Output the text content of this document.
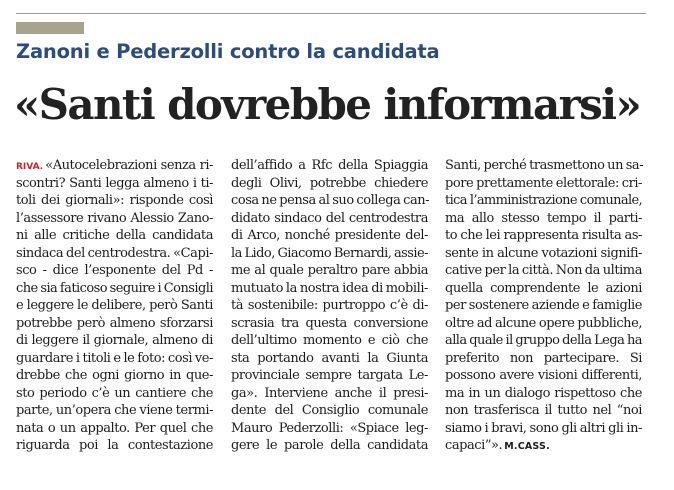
Zanoni e Pederzolli contro la candidata
«Santi dovrebbe informarsi»
RIVA. «Autocelebrazioni senza ri-
scontri? Santi legga almeno i ti-
toli dei giornali»: risponde così
l’assessore rivano Alessio Zano-
ni alle critiche della candidata
sindaca del centrodestra. «Capi-
sco - dice l’esponente del Pd -
che sia faticoso seguire i Consigli
e leggere le delibere, però Santi
potrebbe però almeno sforzarsi
di leggere il giornale, almeno di
guardare i titoli e le foto: così ve-
drebbe che ogni giorno in que-
sto periodo c’è un cantiere che
parte, un’opera che viene termi-
nata o un appalto. Per quel che
riguarda poi la contestazione
dell’affido a Rfc della Spiaggia
degli Olivi, potrebbe chiedere
cosa ne pensa al suo collega can-
didato sindaco del centrodestra
di Arco, nonché presidente del-
la Lido, Giacomo Bernardi, assie-
me al quale peraltro pare abbia
mutuato la nostra idea di mobili-
tà sostenibile: purtroppo c’è di-
scrasia tra questa conversione
dell’ultimo momento e ciò che
sta portando avanti la Giunta
provinciale sempre targata Le-
ga». Interviene anche il presi-
dente del Consiglio comunale
Mauro Pederzolli: «Spiace leg-
gere le parole della candidata
Santi, perché trasmettono un sa-
pore prettamente elettorale: cri-
tica l’amministrazione comunale,
ma allo stesso tempo il parti-
to che lei rappresenta risulta as-
sente in alcune votazioni signifi-
cative per la città. Non da ultima
quella comprendente le azioni
per sostenere aziende e famiglie
oltre ad alcune opere pubbliche,
alla quale il gruppo della Lega ha
preferito non partecipare. Si
possono avere visioni differenti,
ma in un dialogo rispettoso che
non trasferisca il tutto nel “noi
siamo i bravi, sono gli altri gli in-
capaci”». M.CASS.
